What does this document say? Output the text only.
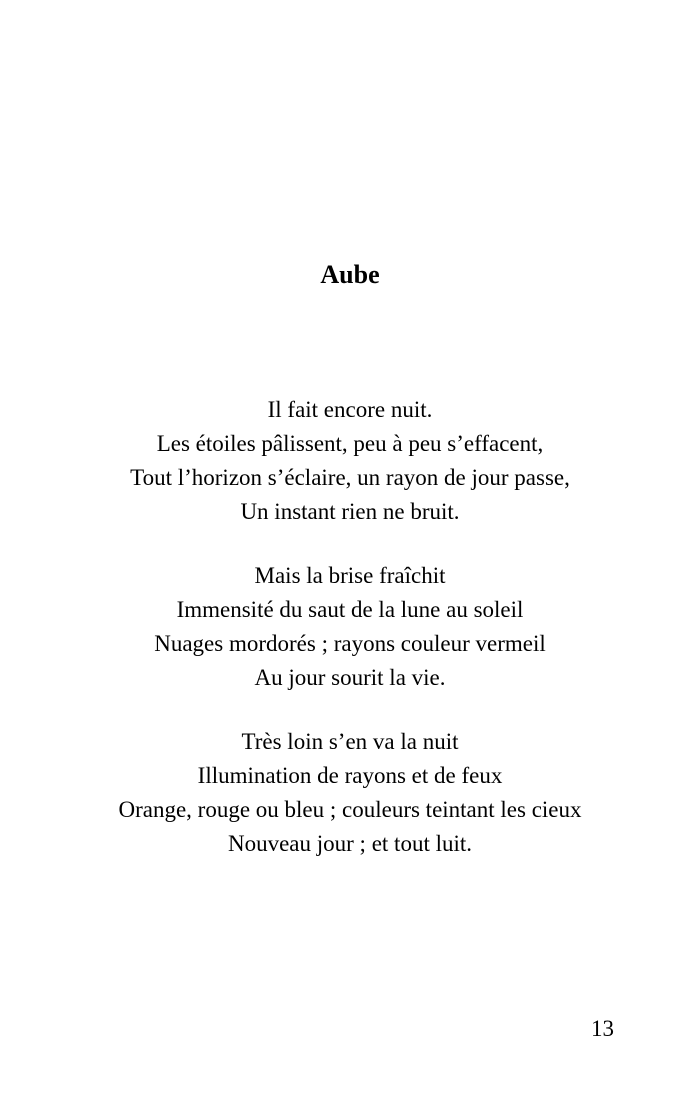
Aube
Il fait encore nuit.
Les étoiles pâlissent, peu à peu s’effacent,
Tout l’horizon s’éclaire, un rayon de jour passe,
Un instant rien ne bruit.
Mais la brise fraîchit
Immensité du saut de la lune au soleil
Nuages mordorés ; rayons couleur vermeil
Au jour sourit la vie.
Très loin s’en va la nuit
Illumination de rayons et de feux
Orange, rouge ou bleu ; couleurs teintant les cieux
Nouveau jour ; et tout luit.
13
